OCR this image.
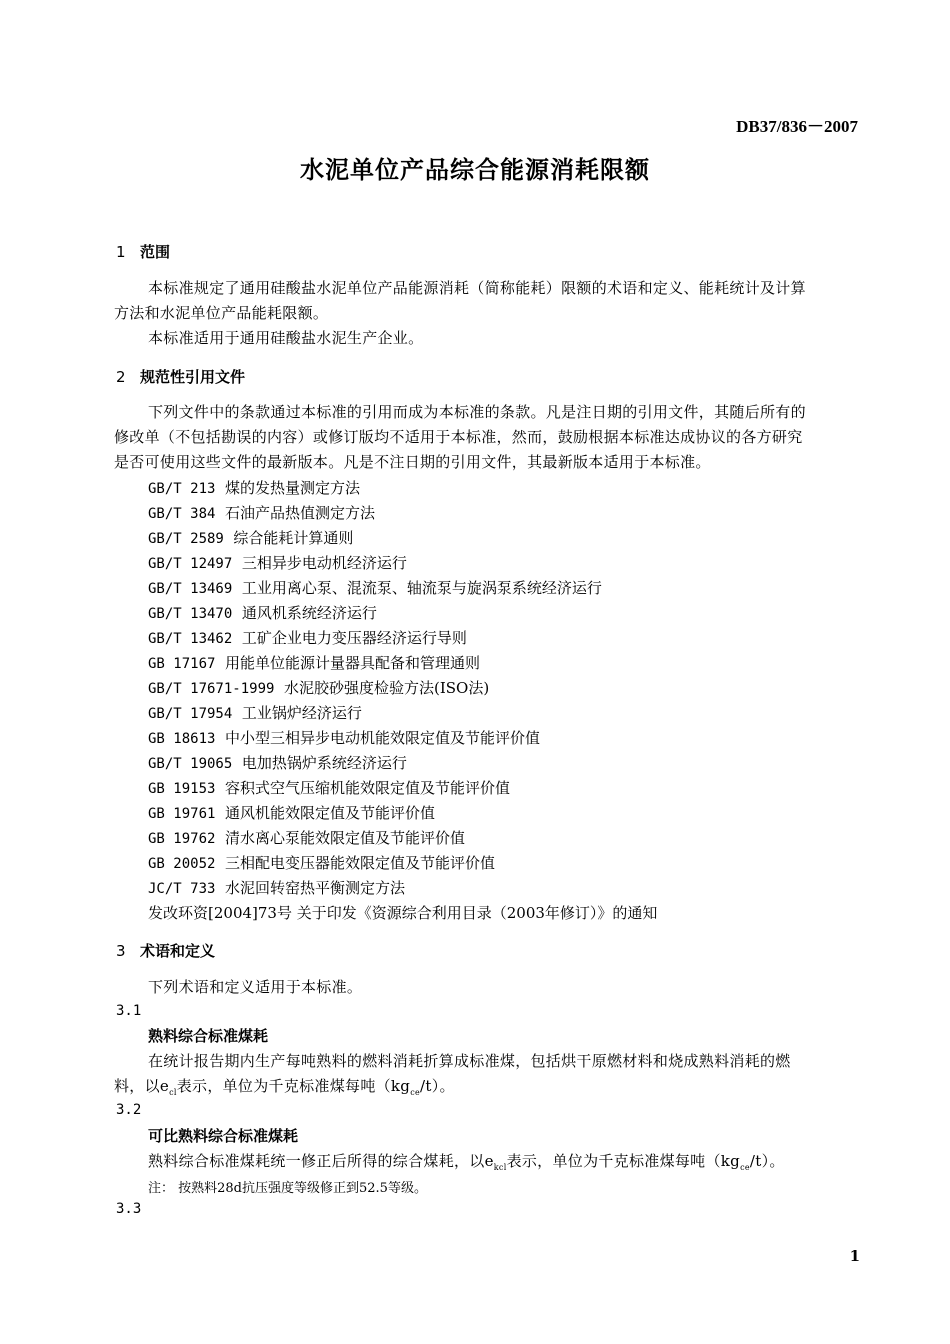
DB37/836－2007
水泥单位产品综合能源消耗限额
1 范围
本标准规定了通用硅酸盐水泥单位产品能源消耗（简称能耗）限额的术语和定义、能耗统计及计算
方法和水泥单位产品能耗限额。
本标准适用于通用硅酸盐水泥生产企业。
2 规范性引用文件
下列文件中的条款通过本标准的引用而成为本标准的条款。凡是注日期的引用文件，其随后所有的
修改单（不包括勘误的内容）或修订版均不适用于本标准，然而，鼓励根据本标准达成协议的各方研究
是否可使用这些文件的最新版本。凡是不注日期的引用文件，其最新版本适用于本标准。
GB/T 213 煤的发热量测定方法
GB/T 384 石油产品热值测定方法
GB/T 2589 综合能耗计算通则
GB/T 12497 三相异步电动机经济运行
GB/T 13469 工业用离心泵、混流泵、轴流泵与旋涡泵系统经济运行
GB/T 13470 通风机系统经济运行
GB/T 13462 工矿企业电力变压器经济运行导则
GB 17167 用能单位能源计量器具配备和管理通则
GB/T 17671-1999 水泥胶砂强度检验方法(ISO法)
GB/T 17954 工业锅炉经济运行
GB 18613 中小型三相异步电动机能效限定值及节能评价值
GB/T 19065 电加热锅炉系统经济运行
GB 19153 容积式空气压缩机能效限定值及节能评价值
GB 19761 通风机能效限定值及节能评价值
GB 19762 清水离心泵能效限定值及节能评价值
GB 20052 三相配电变压器能效限定值及节能评价值
JC/T 733 水泥回转窑热平衡测定方法
发改环资[2004]73号 关于印发《资源综合利用目录（2003年修订）》的通知
3 术语和定义
下列术语和定义适用于本标准。
3.1
熟料综合标准煤耗
在统计报告期内生产每吨熟料的燃料消耗折算成标准煤，包括烘干原燃材料和烧成熟料消耗的燃
料，以$e_{cl}$表示，单位为千克标准煤每吨$(kg_{ce}/t)$。
3.2
可比熟料综合标准煤耗
熟料综合标准煤耗统一修正后所得的综合煤耗，以$e_{kcl}$表示，单位为千克标准煤每吨$(kg_{ce}/t)$。
注： 按熟料28d抗压强度等级修正到52.5等级。
3.3
1
